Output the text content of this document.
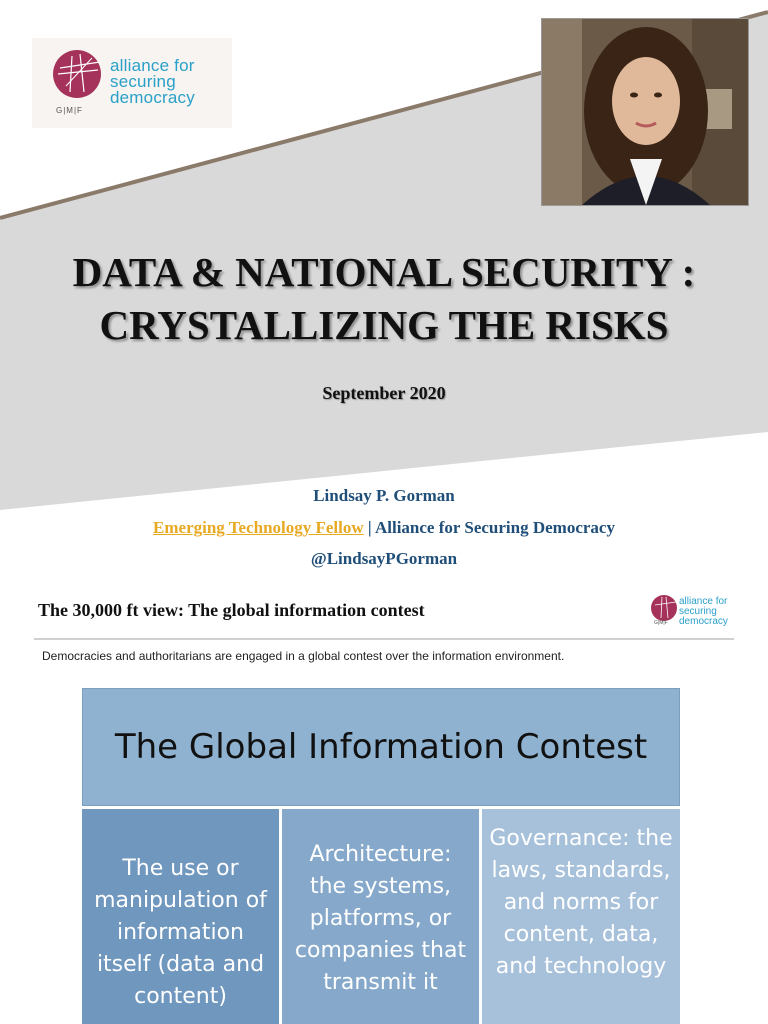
alliance for
securing
democracy
G|M|F
DATA & NATIONAL SECURITY :
CRYSTALLIZING THE RISKS
September 2020
Lindsay P. Gorman
Emerging Technology Fellow | Alliance for Securing Democracy
@LindsayPGorman
The 30,000 ft view: The global information contest	alliance for
securing
democracy
G|M|F
Democracies and authoritarians are engaged in a global contest over the information environment.
The Global Information Contest
The use or manipulation of information itself (data and content)
Architecture: the systems, platforms, or companies that transmit it
Governance: the laws, standards, and norms for content, data, and technology
